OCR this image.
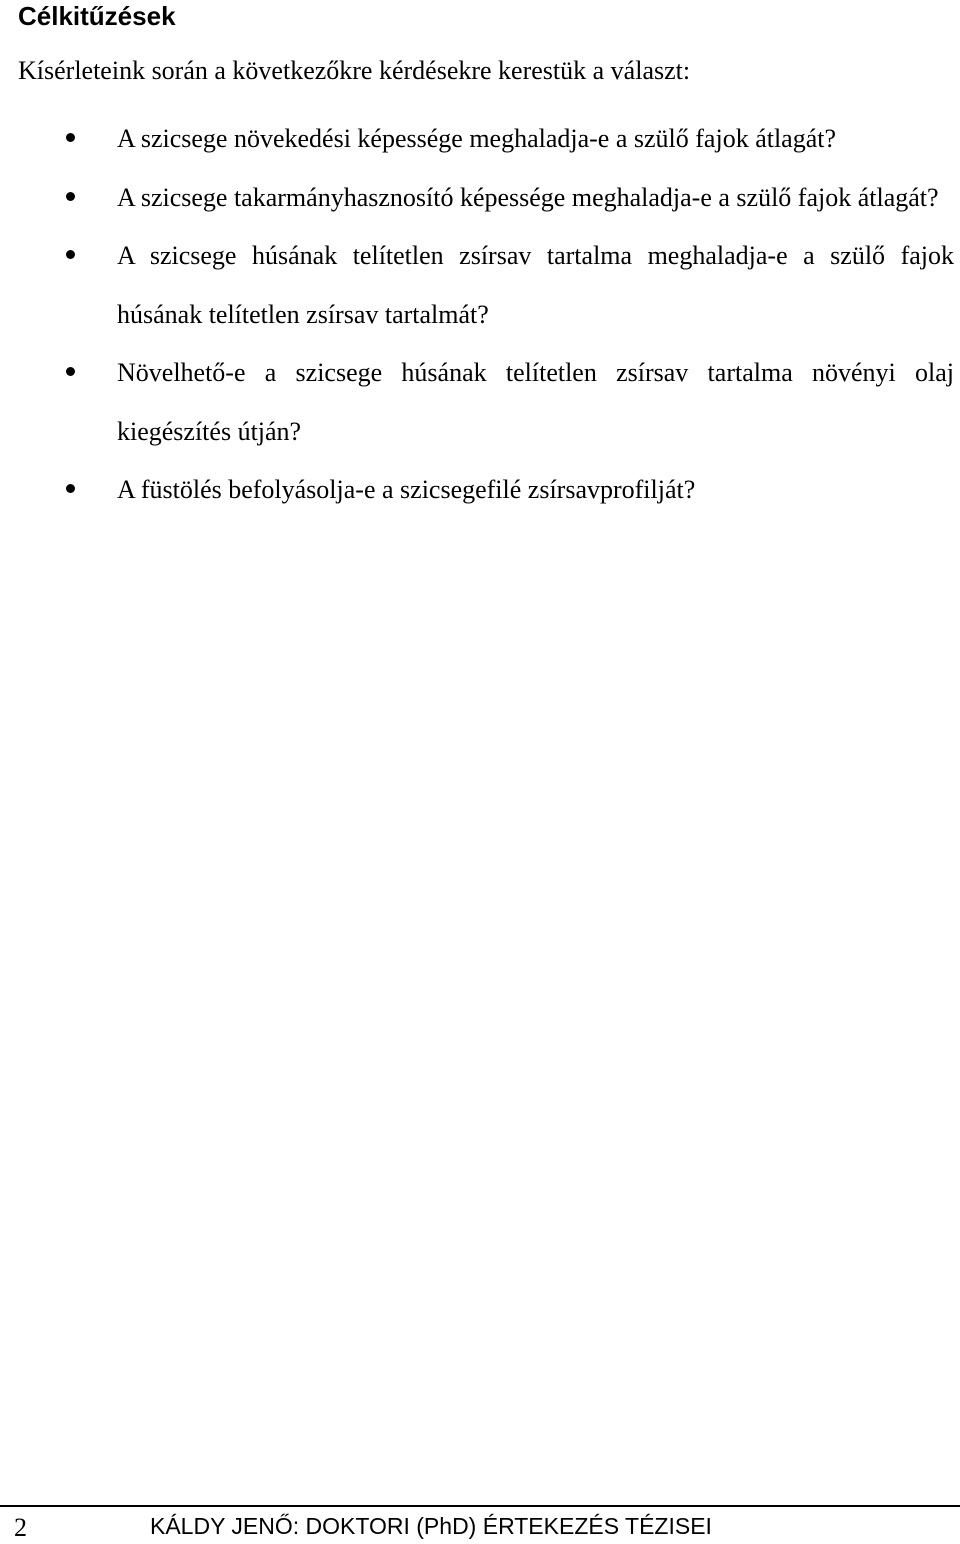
Célkitűzések

Kísérleteink során a következőkre kérdésekre kerestük a választ:

A szicsege növekedési képessége meghaladja-e a szülő fajok átlagát?
A szicsege takarmányhasznosító képessége meghaladja-e a szülő fajok átlagát?
A szicsege húsának telítetlen zsírsav tartalma meghaladja-e a szülő fajok húsának telítetlen zsírsav tartalmát?
Növelhető-e a szicsege húsának telítetlen zsírsav tartalma növényi olaj kiegészítés útján?
A füstölés befolyásolja-e a szicsegefilé zsírsavprofilját?
2	KÁLDY JENŐ: DOKTORI (PhD) ÉRTEKEZÉS TÉZISEI
